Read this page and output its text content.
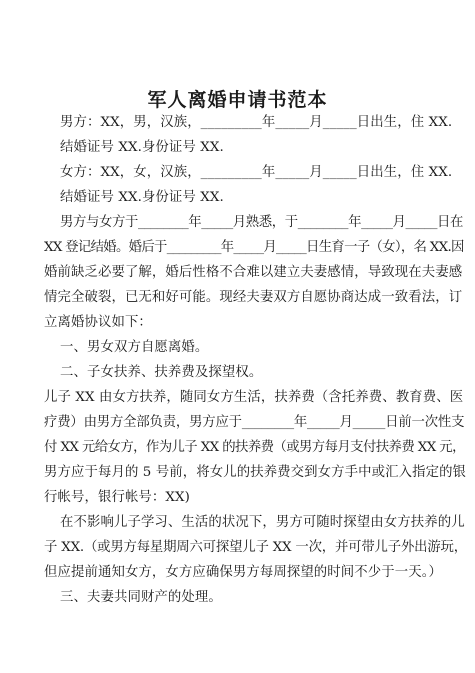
军人离婚申请书范本
男方：XX，男，汉族，_________年_____月_____日出生，住 XX.
结婚证号 XX.身份证号 XX.
女方：XX，女，汉族，_________年_____月_____日出生，住 XX.
结婚证号 XX.身份证号 XX.
男方与女方于________年_____月熟悉，于________年_____月_____日在
XX 登记结婚。婚后于_________年_____月_____日生育一子（女），名 XX.因
婚前缺乏必要了解，婚后性格不合难以建立夫妻感情，导致现在夫妻感
情完全破裂，已无和好可能。现经夫妻双方自愿协商达成一致看法，订
立离婚协议如下：
一、男女双方自愿离婚。
二、子女扶养、扶养费及探望权。
儿子 XX 由女方扶养，随同女方生活，扶养费（含托养费、教育费、医
疗费）由男方全部负责，男方应于________年_____月_____日前一次性支
付 XX 元给女方，作为儿子 XX 的扶养费（或男方每月支付扶养费 XX 元，
男方应于每月的 5 号前，将女儿的扶养费交到女方手中或汇入指定的银
行帐号，银行帐号：XX)
在不影响儿子学习、生活的状况下，男方可随时探望由女方扶养的儿
子 XX.（或男方每星期周六可探望儿子 XX 一次，并可带儿子外出游玩，
但应提前通知女方，女方应确保男方每周探望的时间不少于一天。）
三、夫妻共同财产的处理。
